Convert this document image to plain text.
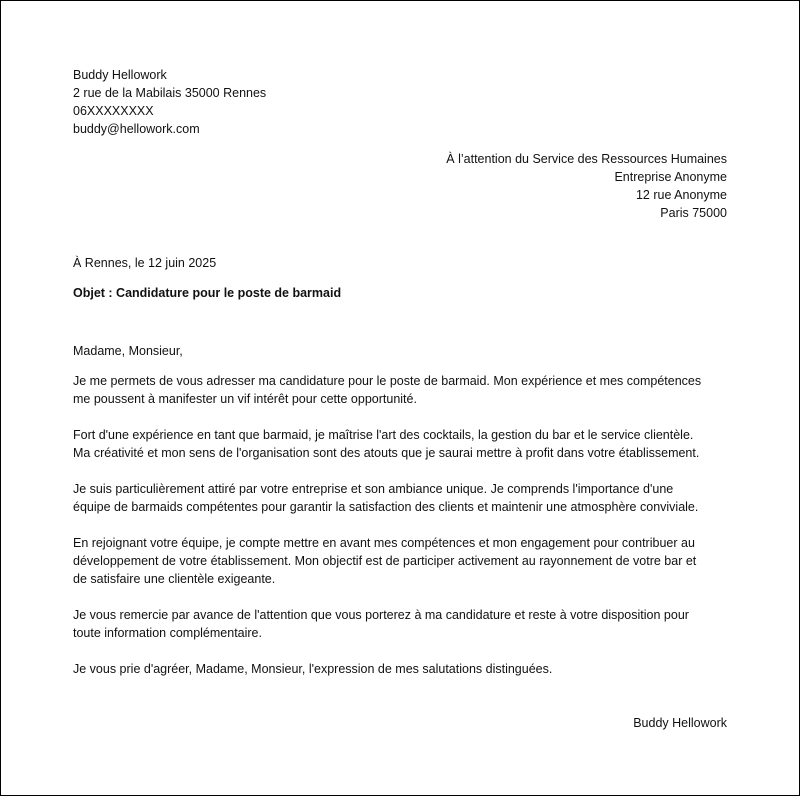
Buddy Hellowork
2 rue de la Mabilais 35000 Rennes
06XXXXXXXX
buddy@hellowork.com
À l’attention du Service des Ressources Humaines
Entreprise Anonyme
12 rue Anonyme
Paris 75000
À Rennes, le 12 juin 2025
Objet : Candidature pour le poste de barmaid
Madame, Monsieur,

Je me permets de vous adresser ma candidature pour le poste de barmaid. Mon expérience et mes compétences
me poussent à manifester un vif intérêt pour cette opportunité.

Fort d'une expérience en tant que barmaid, je maîtrise l'art des cocktails, la gestion du bar et le service clientèle.
Ma créativité et mon sens de l'organisation sont des atouts que je saurai mettre à profit dans votre établissement.

Je suis particulièrement attiré par votre entreprise et son ambiance unique. Je comprends l'importance d'une
équipe de barmaids compétentes pour garantir la satisfaction des clients et maintenir une atmosphère conviviale.

En rejoignant votre équipe, je compte mettre en avant mes compétences et mon engagement pour contribuer au
développement de votre établissement. Mon objectif est de participer activement au rayonnement de votre bar et
de satisfaire une clientèle exigeante.

Je vous remercie par avance de l'attention que vous porterez à ma candidature et reste à votre disposition pour
toute information complémentaire.

Je vous prie d'agréer, Madame, Monsieur, l'expression de mes salutations distinguées.

Buddy Hellowork
